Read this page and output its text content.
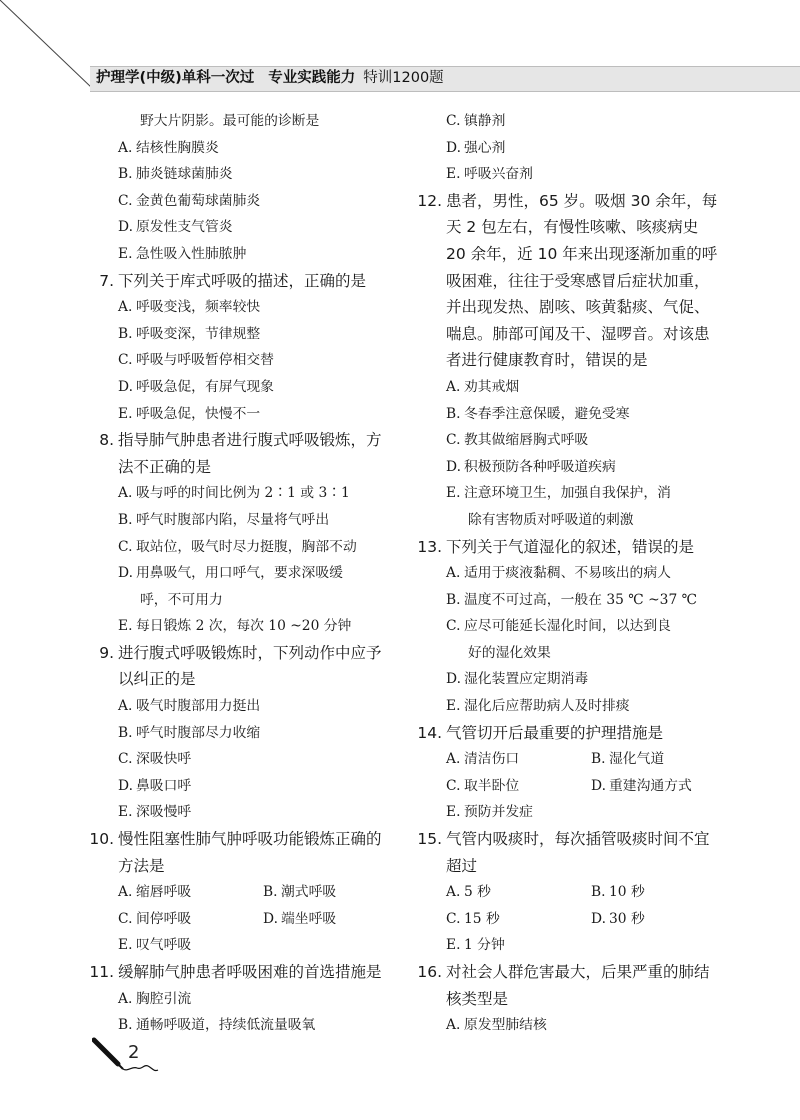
护理学(中级)单科一次过 专业实践能力 特训1200题
野大片阴影。最可能的诊断是
A. 结核性胸膜炎
B. 肺炎链球菌肺炎
C. 金黄色葡萄球菌肺炎
D. 原发性支气管炎
E. 急性吸入性肺脓肿
7. 下列关于库式呼吸的描述，正确的是
A. 呼吸变浅，频率较快
B. 呼吸变深，节律规整
C. 呼吸与呼吸暂停相交替
D. 呼吸急促，有屏气现象
E. 呼吸急促，快慢不一
8. 指导肺气肿患者进行腹式呼吸锻炼，方
法不正确的是
A. 吸与呼的时间比例为 2∶1 或 3∶1
B. 呼气时腹部内陷，尽量将气呼出
C. 取站位，吸气时尽力挺腹，胸部不动
D. 用鼻吸气，用口呼气，要求深吸缓
呼，不可用力
E. 每日锻炼 2 次，每次 10 ~20 分钟
9. 进行腹式呼吸锻炼时，下列动作中应予
以纠正的是
A. 吸气时腹部用力挺出
B. 呼气时腹部尽力收缩
C. 深吸快呼
D. 鼻吸口呼
E. 深吸慢呼
10. 慢性阻塞性肺气肿呼吸功能锻炼正确的
方法是
A. 缩唇呼吸	B. 潮式呼吸
C. 间停呼吸	D. 端坐呼吸
E. 叹气呼吸
11. 缓解肺气肿患者呼吸困难的首选措施是
A. 胸腔引流
B. 通畅呼吸道，持续低流量吸氧
C. 镇静剂
D. 强心剂
E. 呼吸兴奋剂
12. 患者，男性，65 岁。吸烟 30 余年，每
天 2 包左右，有慢性咳嗽、咳痰病史
20 余年，近 10 年来出现逐渐加重的呼
吸困难，往往于受寒感冒后症状加重，
并出现发热、剧咳、咳黄黏痰、气促、
喘息。肺部可闻及干、湿啰音。对该患
者进行健康教育时，错误的是
A. 劝其戒烟
B. 冬春季注意保暖，避免受寒
C. 教其做缩唇胸式呼吸
D. 积极预防各种呼吸道疾病
E. 注意环境卫生，加强自我保护，消
除有害物质对呼吸道的刺激
13. 下列关于气道湿化的叙述，错误的是
A. 适用于痰液黏稠、不易咳出的病人
B. 温度不可过高，一般在 35 ℃ ~37 ℃
C. 应尽可能延长湿化时间，以达到良
好的湿化效果
D. 湿化装置应定期消毒
E. 湿化后应帮助病人及时排痰
14. 气管切开后最重要的护理措施是
A. 清洁伤口	B. 湿化气道
C. 取半卧位	D. 重建沟通方式
E. 预防并发症
15. 气管内吸痰时，每次插管吸痰时间不宜
超过
A. 5 秒	B. 10 秒
C. 15 秒	D. 30 秒
E. 1 分钟
16. 对社会人群危害最大，后果严重的肺结
核类型是
A. 原发型肺结核
2
